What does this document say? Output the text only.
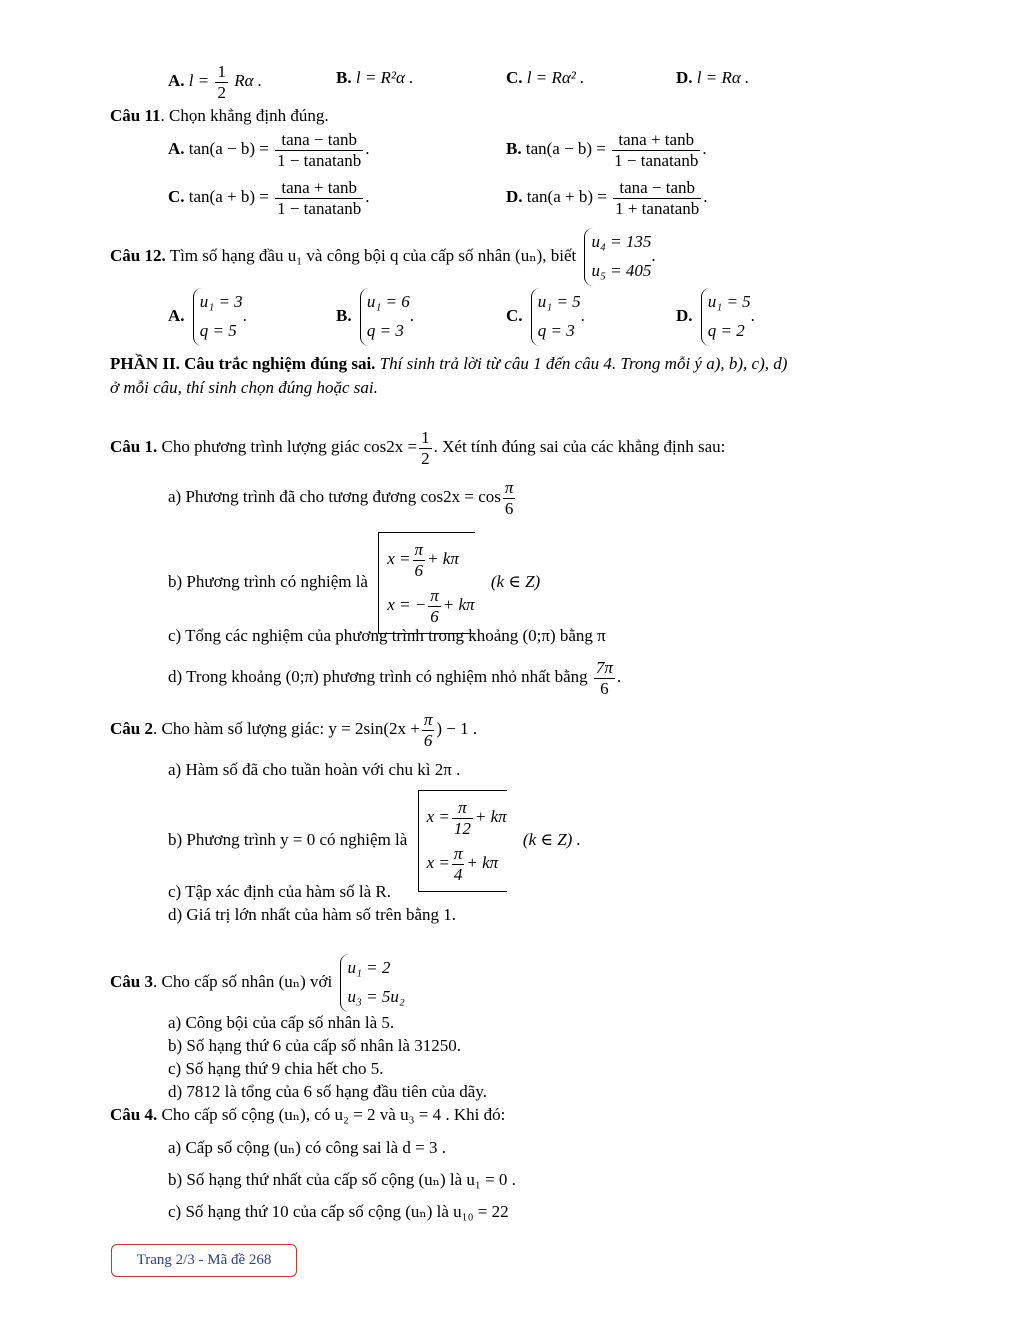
A. $l = \frac{1}{2}$ Rα .	B. l = R²α .	C. l = Rα² .	D. l = Rα .
Câu 11. Chọn khẳng định đúng.
A. $\tan(a - b) = \frac{\tan a - \tan b}{\text{1 − tanatanb}}$ .	B. $\tan(a - b) = \frac{\tan a + \tan b}{\text{1 − tanatanb}}$ .
C. $\tan(a + b) = \frac{\tan a + \tan b}{\text{1 − tanatanb}}$ .	D. $\tan(a + b) = \frac{\tan a - \tan b}{\text{1 + tanatanb}}$ .
Câu 12. Tìm số hạng đầu u₁ và công bội q của cấp số nhân (uₙ), biết
u₄ = 135
u₅ = 405
.
A.
u₁ = 3
q = 5
.	B.
u₁ = 6
q = 3
.	C.
u₁ = 5
q = 3
.	D.
u₁ = 5
q = 2
.
PHẦN II. Câu trắc nghiệm đúng sai. Thí sinh trả lời từ câu 1 đến câu 4. Trong mỗi ý a), b), c), d)
ở mỗi câu, thí sinh chọn đúng hoặc sai.
Câu 1. Cho phương trình lượng giác $\cos 2x = \frac{1}{2}$ . Xét tính đúng sai của các khẳng định sau:
a) Phương trình đã cho tương đương $\cos 2x = \cos \frac{\pi}{6}$
b) Phương trình có nghiệm là
$x = \frac{\pi}{6} + k\pi$
x = − $\frac{\pi}{6} + k\pi$
(k ∈ Z)
c) Tổng các nghiệm của phương trình trong khoảng (0;π) bằng π
d) Trong khoảng (0;π) phương trình có nghiệm nhỏ nhất bằng $\frac{7\pi}{6}$ .
Câu 2. Cho hàm số lượng giác: $y = 2\sin(2x + \frac{\pi}{6}$ ) − 1 .
a) Hàm số đã cho tuần hoàn với chu kì 2π .
b) Phương trình y = 0 có nghiệm là
$x = \frac{\pi}{12} + k\pi$
$x = \frac{\pi}{4} + k\pi$
(k ∈ Z) .
c) Tập xác định của hàm số là R.
d) Giá trị lớn nhất của hàm số trên bằng 1.
Câu 3. Cho cấp số nhân (uₙ) với
u₁ = 2
u₃ = 5u₂
a) Công bội của cấp số nhân là 5.
b) Số hạng thứ 6 của cấp số nhân là 31250.
c) Số hạng thứ 9 chia hết cho 5.
d) 7812 là tổng của 6 số hạng đầu tiên của dãy.
Câu 4. Cho cấp số cộng (uₙ), có u₂ = 2 và u₃ = 4 . Khi đó:
a) Cấp số cộng (uₙ) có công sai là d = 3 .
b) Số hạng thứ nhất của cấp số cộng (uₙ) là u₁ = 0 .
c) Số hạng thứ 10 của cấp số cộng (uₙ) là u₁₀ = 22
Trang 2/3 - Mã đề 268
